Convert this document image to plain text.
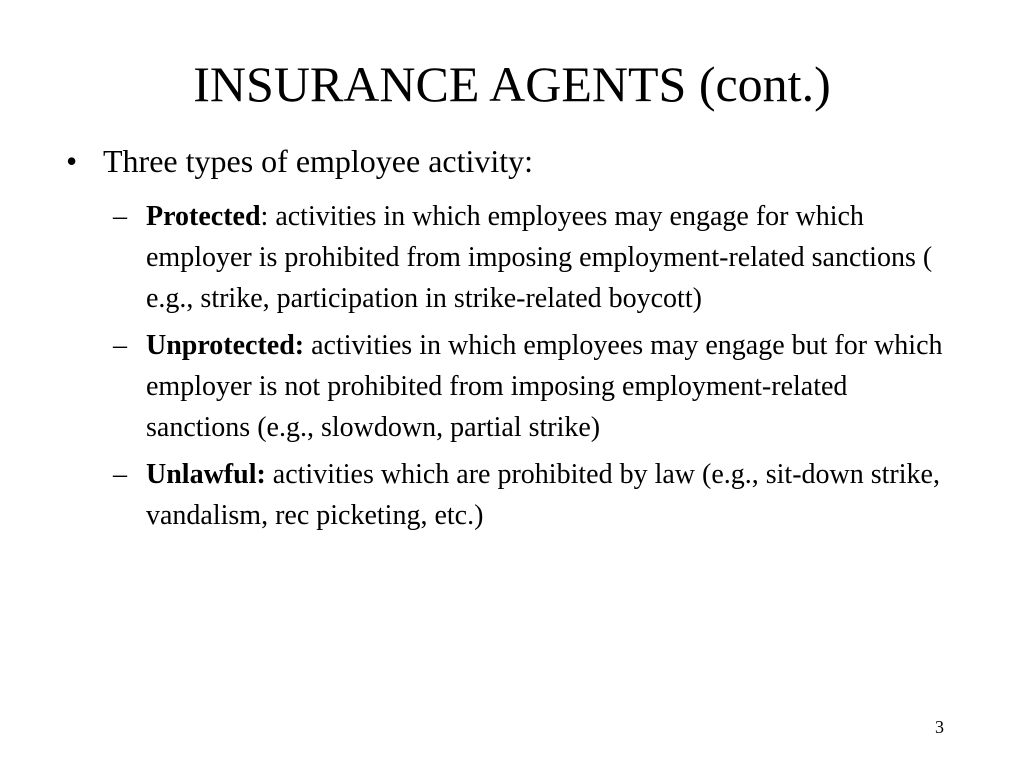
INSURANCE AGENTS (cont.)
• Three types of employee activity:
– Protected: activities in which employees may engage for which employer is prohibited from imposing employment-related sanctions ( e.g., strike, participation in strike-related boycott)
– Unprotected: activities in which employees may engage but for which employer is not prohibited from imposing employment-related sanctions (e.g., slowdown, partial strike)
– Unlawful: activities which are prohibited by law (e.g., sit-down strike, vandalism, rec picketing, etc.)
3
